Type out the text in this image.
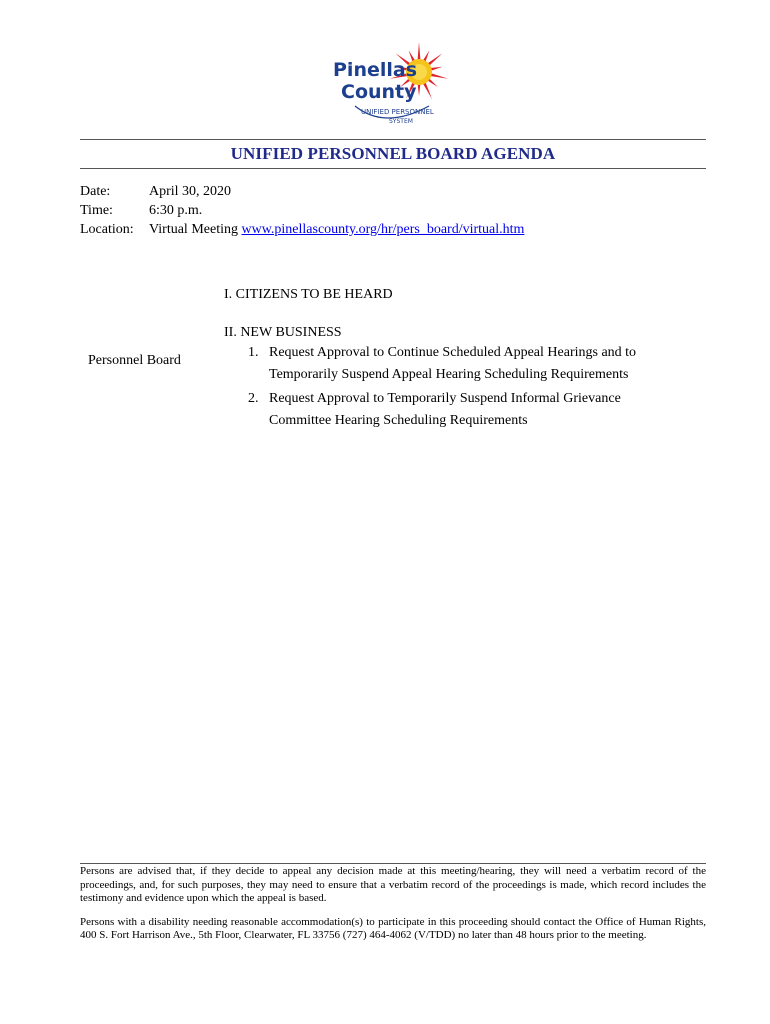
Pinellas
County
UNIFIED PERSONNEL
SYSTEM
UNIFIED PERSONNEL BOARD AGENDA
Date:	April 30, 2020
Time:	6:30 p.m.
Location: Virtual Meeting www.pinellascounty.org/hr/pers_board/virtual.htm
I. CITIZENS TO BE HEARD
II. NEW BUSINESS
Personnel Board
1. Request Approval to Continue Scheduled Appeal Hearings and to
Temporarily Suspend Appeal Hearing Scheduling Requirements
2. Request Approval to Temporarily Suspend Informal Grievance
Committee Hearing Scheduling Requirements

Persons are advised that, if they decide to appeal any decision made at this meeting/hearing, they will need a verbatim record of the proceedings, and, for such purposes, they may need to ensure that a verbatim record of the proceedings is made, which record includes the testimony and evidence upon which the appeal is based.

Persons with a disability needing reasonable accommodation(s) to participate in this proceeding should contact the Office of Human Rights, 400 S. Fort Harrison Ave., 5th Floor, Clearwater, FL 33756 (727) 464-4062 (V/TDD) no later than 48 hours prior to the meeting.
